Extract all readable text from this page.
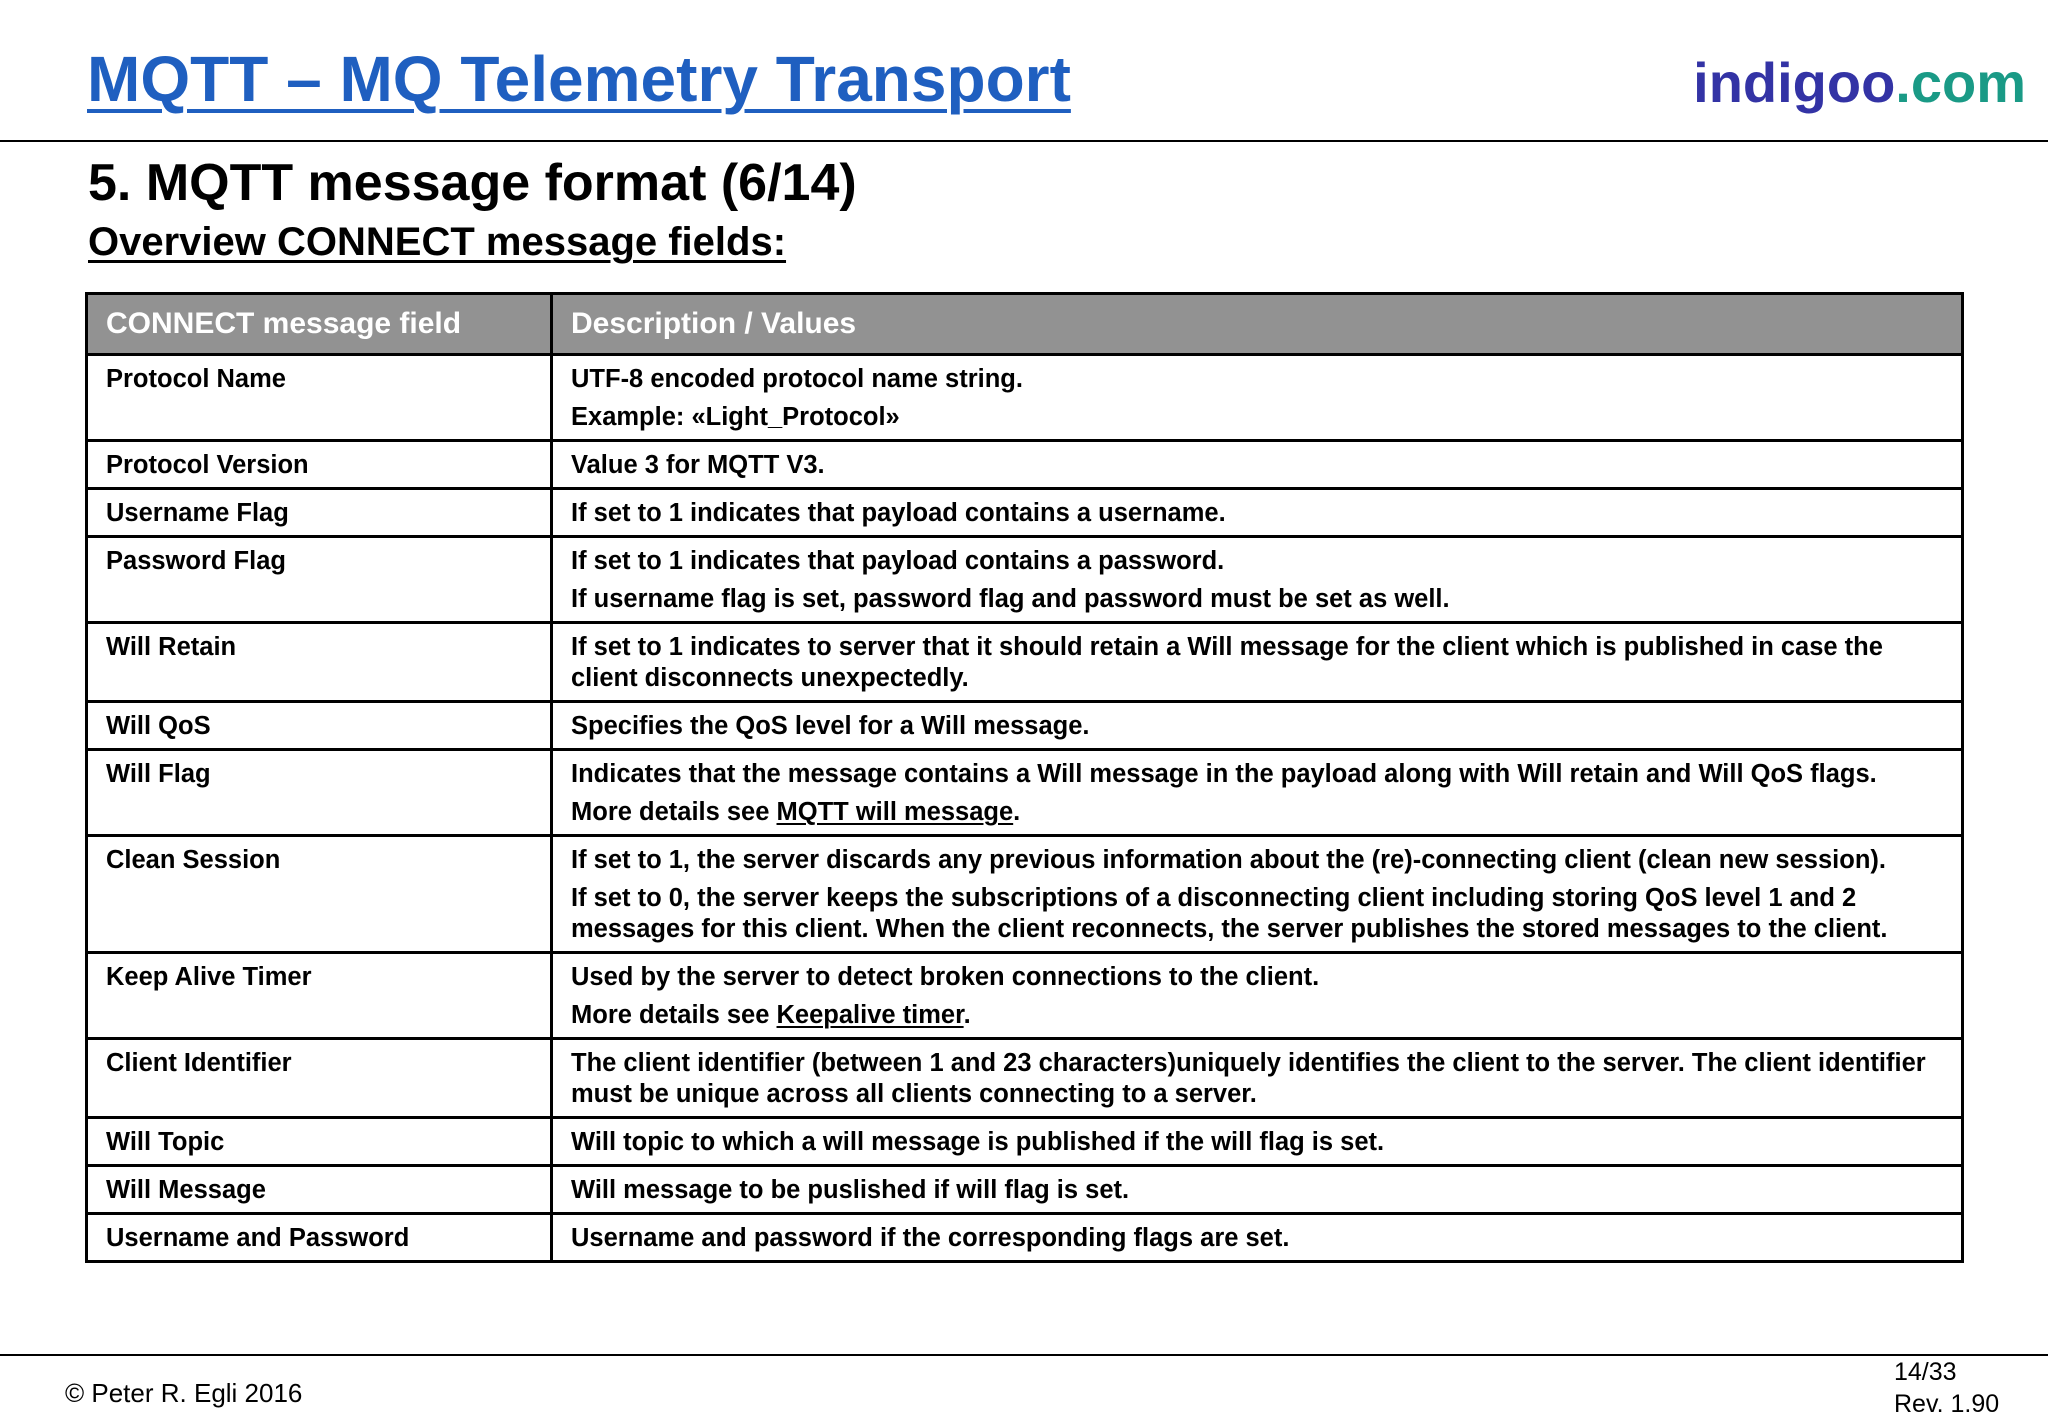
MQTT – MQ Telemetry Transport	indigoo.com
5. MQTT message format (6/14)
Overview CONNECT message fields:
CONNECT message field	Description / Values
Protocol Name	UTF-8 encoded protocol name string.
Example: «Light_Protocol»

Protocol Version	Value 3 for MQTT V3.

Username Flag	If set to 1 indicates that payload contains a username.

Password Flag	If set to 1 indicates that payload contains a password.
If username flag is set, password flag and password must be set as well.

Will Retain	If set to 1 indicates to server that it should retain a Will message for the client which is published in case the client disconnects unexpectedly.

Will QoS	Specifies the QoS level for a Will message.

Will Flag	Indicates that the message contains a Will message in the payload along with Will retain and Will QoS flags.
More details see MQTT will message.

Clean Session	If set to 1, the server discards any previous information about the (re)-connecting client (clean new session).
If set to 0, the server keeps the subscriptions of a disconnecting client including storing QoS level 1 and 2 messages for this client. When the client reconnects, the server publishes the stored messages to the client.

Keep Alive Timer	Used by the server to detect broken connections to the client.
More details see Keepalive timer.

Client Identifier	The client identifier (between 1 and 23 characters)uniquely identifies the client to the server. The client identifier must be unique across all clients connecting to a server.

Will Topic	Will topic to which a will message is published if the will flag is set.

Will Message	Will message to be puslished if will flag is set.

Username and Password	Username and password if the corresponding flags are set.
© Peter R. Egli 2016
14/33
Rev. 1.90
